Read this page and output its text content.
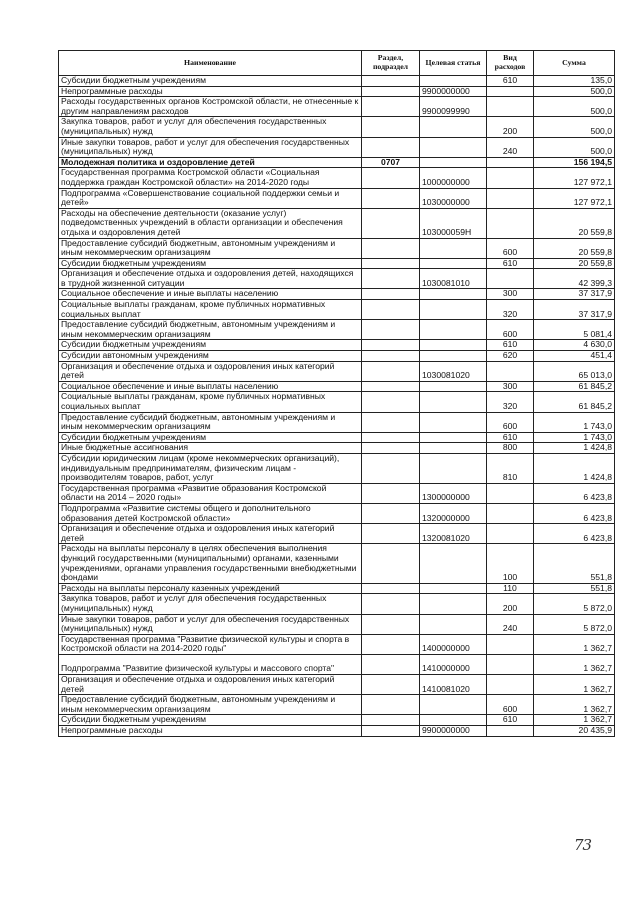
Наименование	Раздел, подраздел	Целевая статья	Вид расходов	Сумма
Субсидии бюджетным учреждениям			610	135,0
Непрограммные расходы		9900000000		500,0
Расходы государственных органов Костромской области, не отнесенные к другим направлениям расходов		9900099990		500,0
Закупка товаров, работ и услуг для обеспечения государственных (муниципальных) нужд			200	500,0
Иные закупки товаров, работ и услуг для обеспечения государственных (муниципальных) нужд			240	500,0
Молодежная политика и оздоровление детей	0707			156 194,5
Государственная программа Костромской области «Социальная поддержка граждан Костромской области» на 2014-2020 годы		1000000000		127 972,1
Подпрограмма «Совершенствование социальной поддержки семьи и детей»		1030000000		127 972,1
Расходы на обеспечение деятельности (оказание услуг) подведомственных учреждений в области организации и обеспечения отдыха и оздоровления детей		103000059Н		20 559,8
Предоставление субсидий бюджетным, автономным учреждениям и иным некоммерческим организациям			600	20 559,8
Субсидии бюджетным учреждениям			610	20 559,8
Организация и обеспечение отдыха и оздоровления детей, находящихся в трудной жизненной ситуации		1030081010		42 399,3
Социальное обеспечение и иные выплаты населению			300	37 317,9
Социальные выплаты гражданам, кроме публичных нормативных социальных выплат			320	37 317,9
Предоставление субсидий бюджетным, автономным учреждениям и иным некоммерческим организациям			600	5 081,4
Субсидии бюджетным учреждениям			610	4 630,0
Субсидии автономным учреждениям			620	451,4
Организация и обеспечение отдыха и оздоровления иных категорий детей		1030081020		65 013,0
Социальное обеспечение и иные выплаты населению			300	61 845,2
Социальные выплаты гражданам, кроме публичных нормативных социальных выплат			320	61 845,2
Предоставление субсидий бюджетным, автономным учреждениям и иным некоммерческим организациям			600	1 743,0
Субсидии бюджетным учреждениям			610	1 743,0
Иные бюджетные ассигнования			800	1 424,8
Субсидии юридическим лицам (кроме некоммерческих организаций), индивидуальным предпринимателям, физическим лицам - производителям товаров, работ, услуг			810	1 424,8
Государственная программа «Развитие образования Костромской области на 2014 – 2020 годы»		1300000000		6 423,8
Подпрограмма «Развитие системы общего и дополнительного образования детей Костромской области»		1320000000		6 423,8
Организация и обеспечение отдыха и оздоровления иных категорий детей		1320081020		6 423,8
Расходы на выплаты персоналу в целях обеспечения выполнения функций государственными (муниципальными) органами, казенными учреждениями, органами управления государственными внебюджетными фондами			100	551,8
Расходы на выплаты персоналу казенных учреждений			110	551,8
Закупка товаров, работ и услуг для обеспечения государственных (муниципальных) нужд			200	5 872,0
Иные закупки товаров, работ и услуг для обеспечения государственных (муниципальных) нужд			240	5 872,0
Государственная программа "Развитие физической культуры и спорта в Костромской области на 2014-2020 годы"		1400000000		1 362,7
Подпрограмма "Развитие физической культуры и массового спорта"		1410000000		1 362,7
Организация и обеспечение отдыха и оздоровления иных категорий детей		1410081020		1 362,7
Предоставление субсидий бюджетным, автономным учреждениям и иным некоммерческим организациям			600	1 362,7
Субсидии бюджетным учреждениям			610	1 362,7
Непрограммные расходы		9900000000		20 435,9
73
